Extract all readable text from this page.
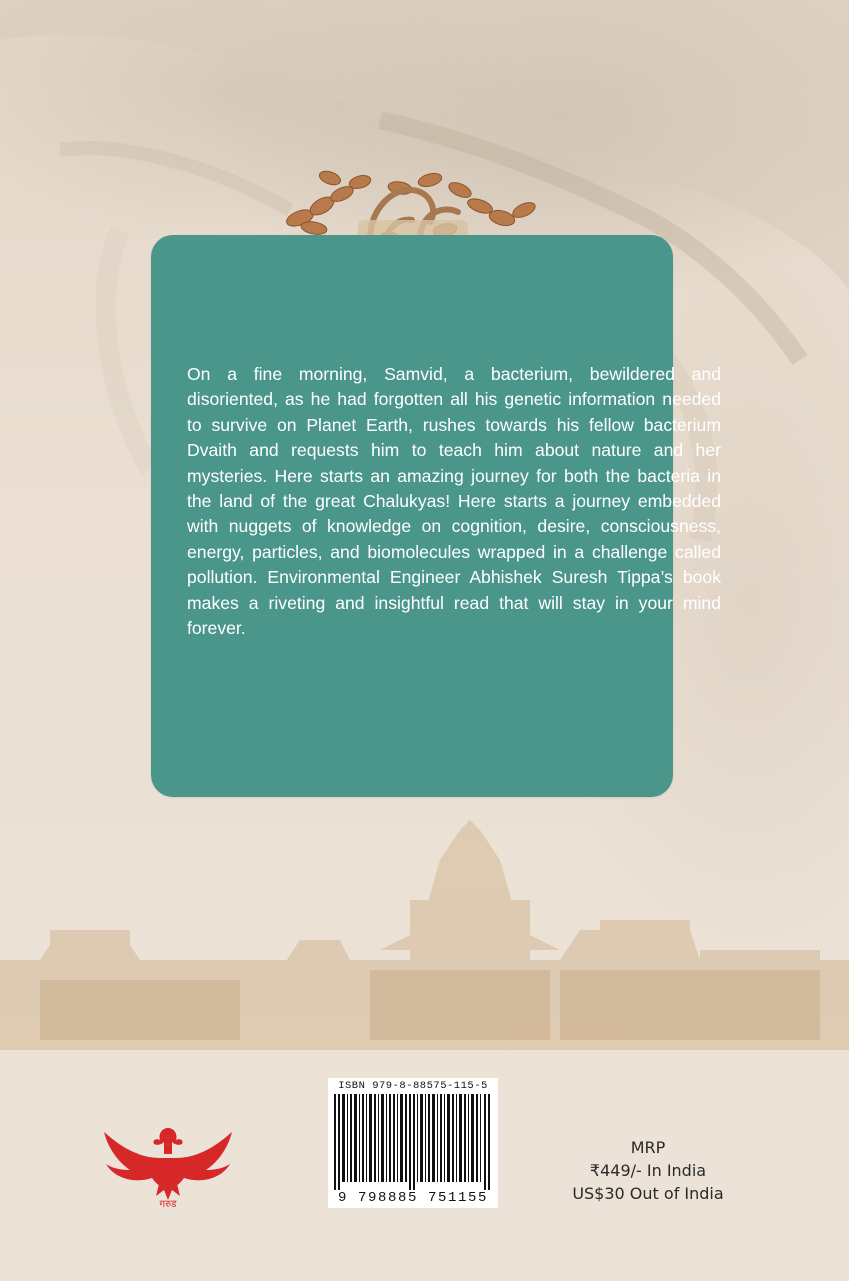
On a fine morning, Samvid, a bacterium, bewildered and disoriented, as he had forgotten all his genetic information needed to survive on Planet Earth, rushes towards his fellow bacterium Dvaith and requests him to teach him about nature and her mysteries. Here starts an amazing journey for both the bacteria in the land of the great Chalukyas! Here starts a journey embedded with nuggets of knowledge on cognition, desire, consciousness, energy, particles, and biomolecules wrapped in a challenge called pollution. Environmental Engineer Abhishek Suresh Tippa’s book makes a riveting and insightful read that will stay in your mind forever.

ISBN 979-8-88575-115-5
9 798885 751155
गरुड
MRP
₹449/- In India
US$30 Out of India
